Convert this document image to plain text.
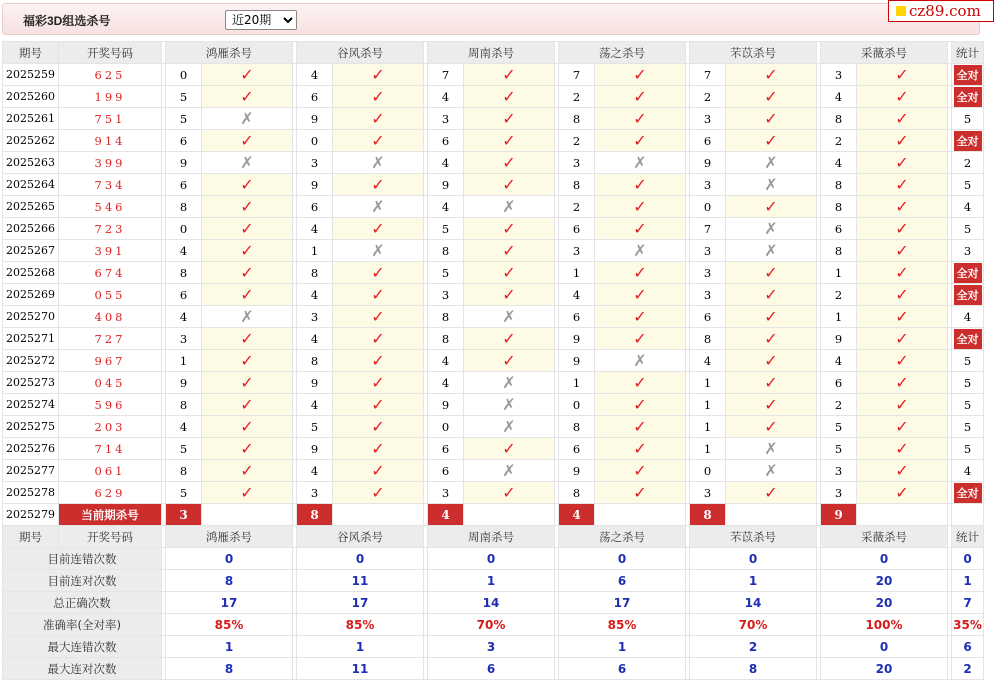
福彩3D组选杀号
近20期
cz89.com
期号	开奖号码		鸿雁杀号			谷风杀号			周南杀号			荡之杀号			芣苡杀号			采薇杀号			统计
2025259	625		0	✓		4	✓		7	✓		7	✓		7	✓		3	✓		全对
2025260	199		5	✓		6	✓		4	✓		2	✓		2	✓		4	✓		全对
2025261	751		5	✗		9	✓		3	✓		8	✓		3	✓		8	✓		5
2025262	914		6	✓		0	✓		6	✓		2	✓		6	✓		2	✓		全对
2025263	399		9	✗		3	✗		4	✓		3	✗		9	✗		4	✓		2
2025264	734		6	✓		9	✓		9	✓		8	✓		3	✗		8	✓		5
2025265	546		8	✓		6	✗		4	✗		2	✓		0	✓		8	✓		4
2025266	723		0	✓		4	✓		5	✓		6	✓		7	✗		6	✓		5
2025267	391		4	✓		1	✗		8	✓		3	✗		3	✗		8	✓		3
2025268	674		8	✓		8	✓		5	✓		1	✓		3	✓		1	✓		全对
2025269	055		6	✓		4	✓		3	✓		4	✓		3	✓		2	✓		全对
2025270	408		4	✗		3	✓		8	✗		6	✓		6	✓		1	✓		4
2025271	727		3	✓		4	✓		8	✓		9	✓		8	✓		9	✓		全对
2025272	967		1	✓		8	✓		4	✓		9	✗		4	✓		4	✓		5
2025273	045		9	✓		9	✓		4	✗		1	✓		1	✓		6	✓		5
2025274	596		8	✓		4	✓		9	✗		0	✓		1	✓		2	✓		5
2025275	203		4	✓		5	✓		0	✗		8	✓		1	✓		5	✓		5
2025276	714		5	✓		9	✓		6	✓		6	✓		1	✗		5	✓		5
2025277	061		8	✓		4	✓		6	✗		9	✓		0	✗		3	✓		4
2025278	629		5	✓		3	✓		3	✓		8	✓		3	✓		3	✓		全对
2025279	当前期杀号		3			8			4			4			8			9			
期号	开奖号码		鸿雁杀号			谷风杀号			周南杀号			荡之杀号			芣苡杀号			采薇杀号			统计
目前连错次数			0			0			0			0			0			0			0
目前连对次数			8			11			1			6			1			20			1
总正确次数			17			17			14			17			14			20			7
准确率(全对率)			85%			85%			70%			85%			70%			100%			35%
最大连错次数			1			1			3			1			2			0			6
最大连对次数			8			11			6			6			8			20			2
